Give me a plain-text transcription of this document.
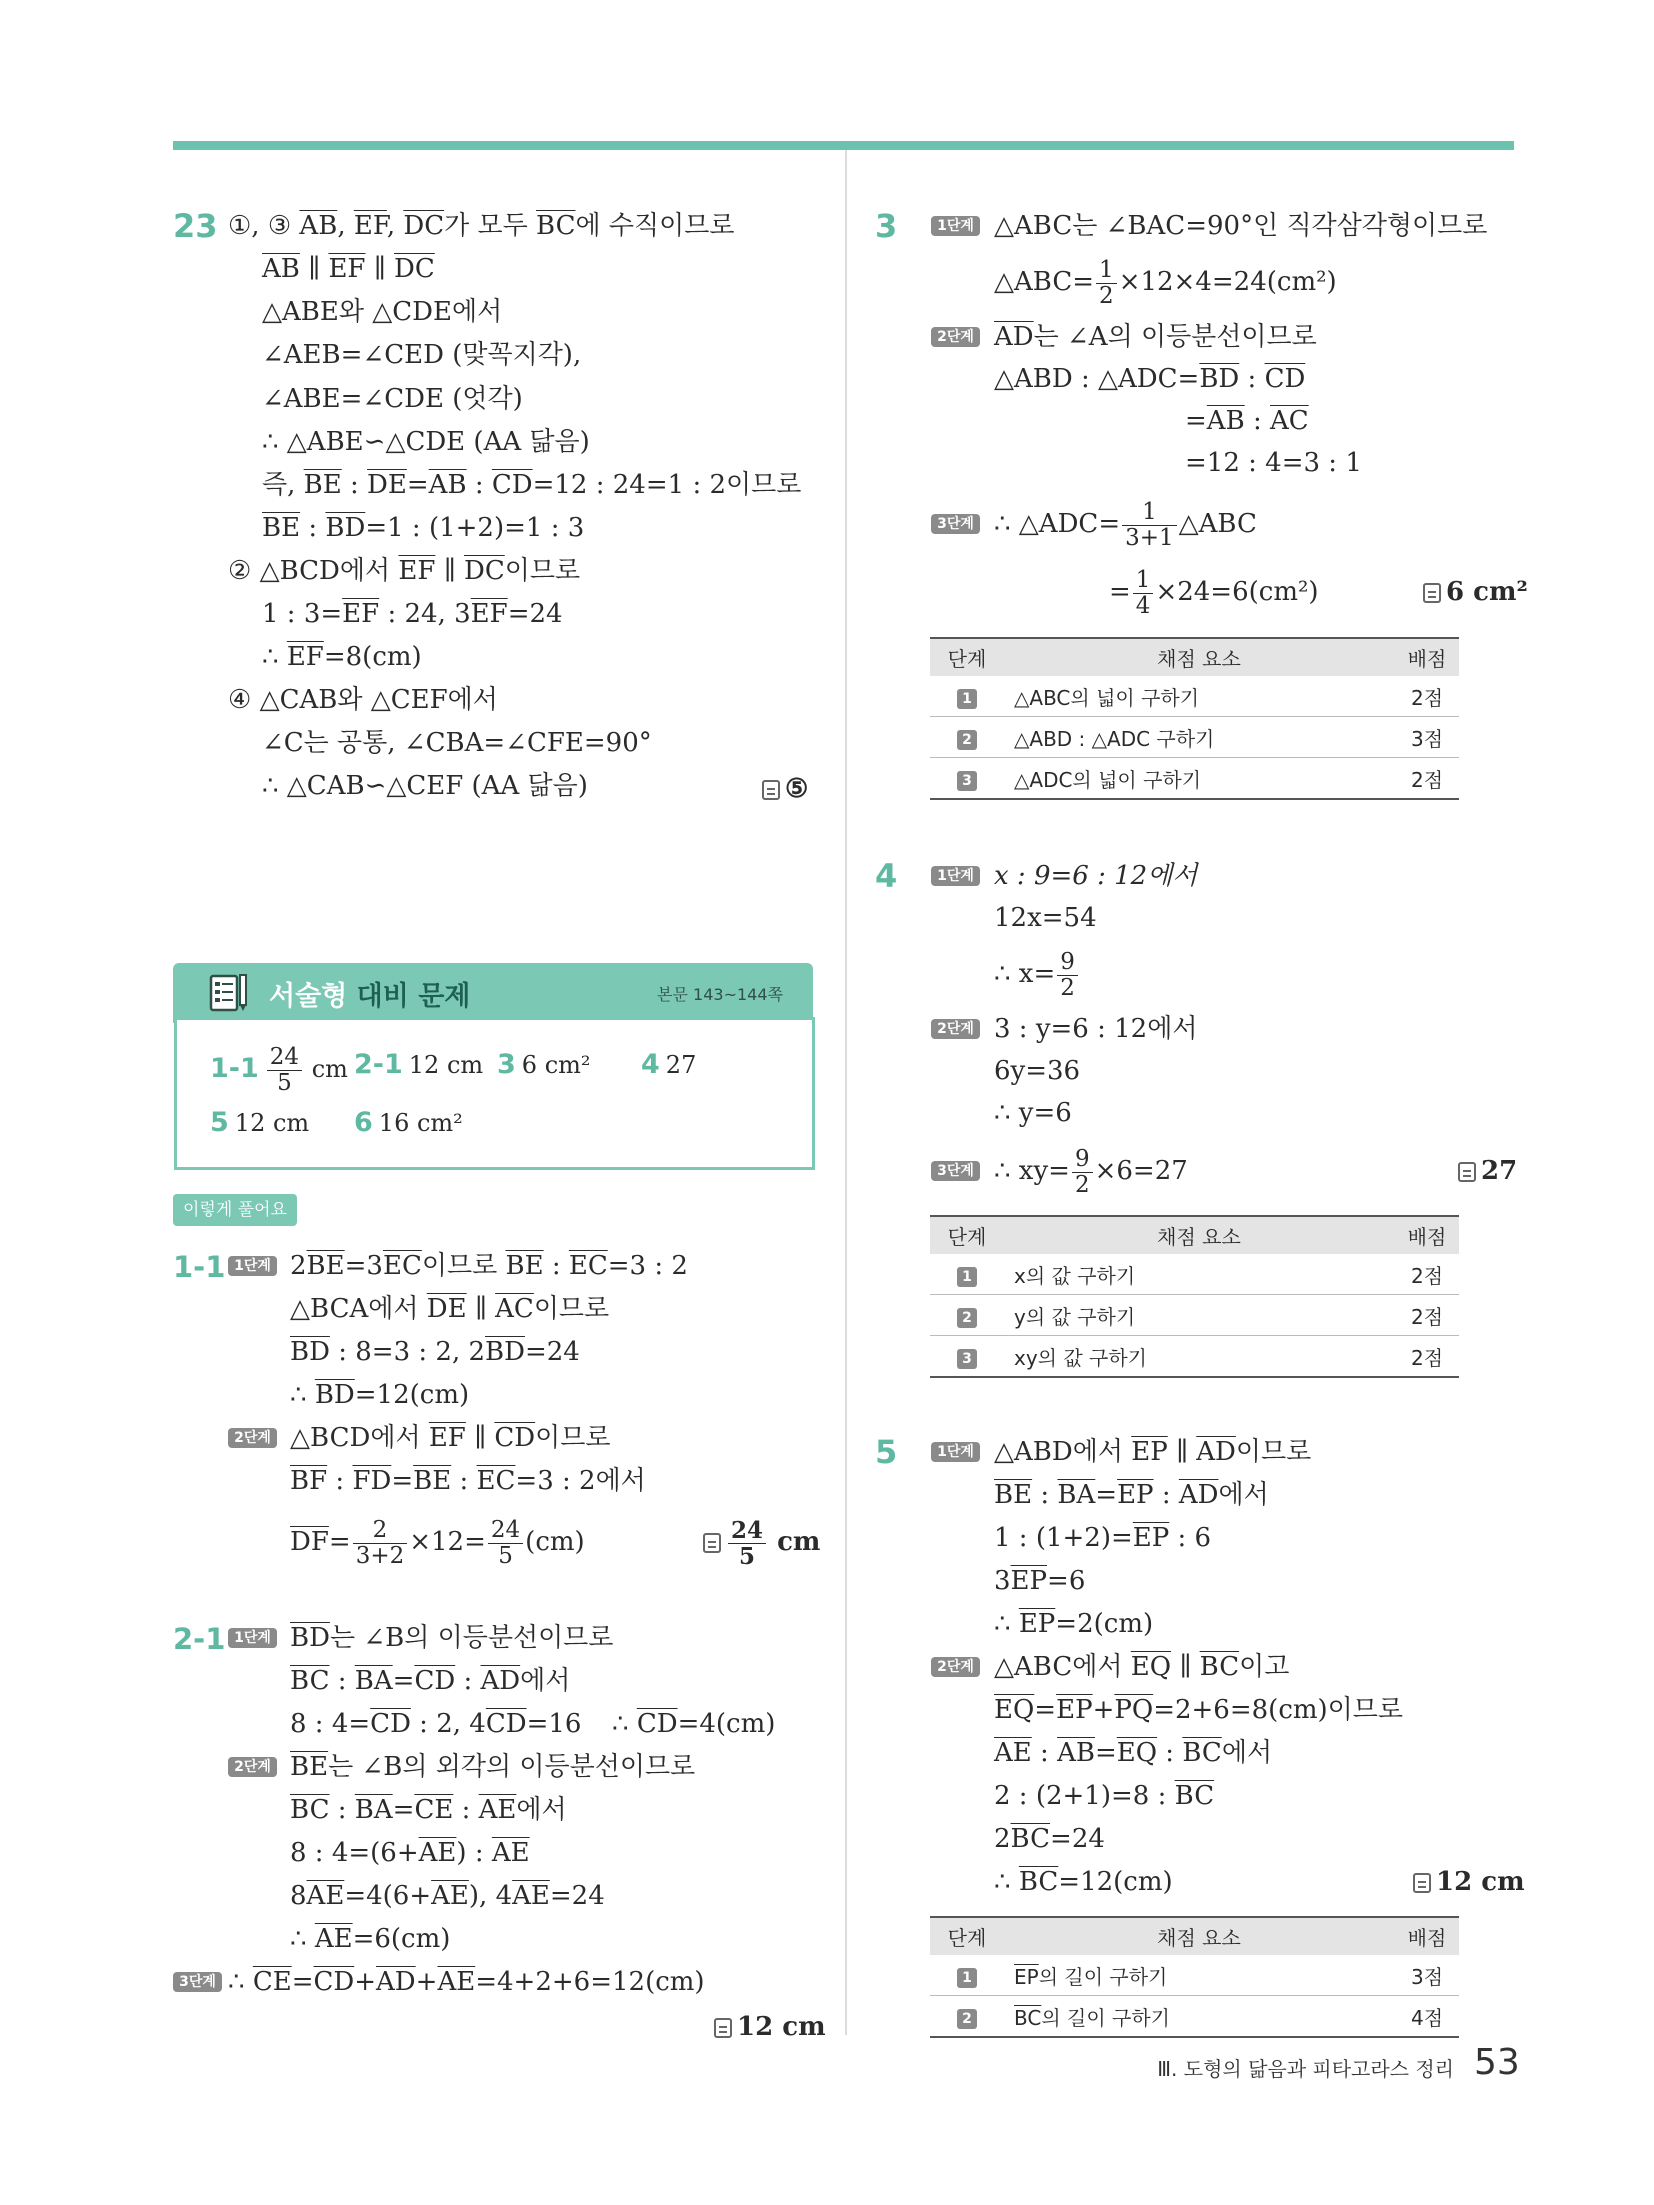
23 ①, ③ $\overline{AB}$, $\overline{EF}$, $\overline{DC}$가 모두 $\overline{BC}$에 수직이므로
$\overline{AB}$ ∥ $\overline{EF}$ ∥ $\overline{DC}$
△ABE와 △CDE에서
∠AEB=∠CED (맞꼭지각),
∠ABE=∠CDE (엇각)
∴ △ABE∽△CDE (AA 닮음)
즉, $\overline{BE}$ : $\overline{DE}=\overline{AB}$ : $\overline{CD}=12$ : 24=1 : 2이므로
$\overline{BE}$ : $\overline{BD}=1$ : (1+2)=1 : 3
② △BCD에서 $\overline{EF}$ ∥ $\overline{DC}$이므로
1 : $3=\overline{EF}$ : 24, $3\overline{EF}=24$
∴ $\overline{EF}=8(cm)$
④ △CAB와 △CEF에서
∠C는 공통, ∠CBA=∠CFE=90°
∴ △CAB∽△CEF (AA 닮음)	⑤
서술형 대비 문제	본문 143~144쪽
$1-1 \frac{24}{5}$ cm 2-1 12 cm 3 6 cm² 4 27
5 12 cm 6 16 cm²
이렇게 풀어요
1-1 1단계 $2\overline{BE}=3\overline{EC}$이므로 $\overline{BE}$ : $\overline{EC}=3$ : 2
△BCA에서 $\overline{DE}$ ∥ $\overline{AC}$이므로
$\overline{BD}$ : 8=3 : 2, $2\overline{BD}=24$
∴ $\overline{BD}=12(cm)$
2단계 △BCD에서 $\overline{EF}$ ∥ $\overline{CD}$이므로
$\overline{BF}$ : $\overline{FD}=\overline{BE}$ : $\overline{EC}=3$ : 2에서
$\overline{DF}= \frac{2}{3+2} \times 12= \frac{24}{5} (cm)$	$\frac{24}{5}$ cm
2-1 1단계 $\overline{BD}$는 ∠B의 이등분선이므로
$\overline{BC}$ : $\overline{BA}=\overline{CD}$ : $\overline{AD}$에서
8 : $4=\overline{CD}$ : 2, $4\overline{CD}=16$ ∴ $\overline{CD}=4(cm)$
2단계 $\overline{BE}$는 ∠B의 외각의 이등분선이므로
$\overline{BC}$ : $\overline{BA}=\overline{CE}$ : $\overline{AE}$에서
8 : $4=(6+\overline{AE})$ : $\overline{AE}$
$8\overline{AE}=4(6+\overline{AE})$, $4\overline{AE}=24$
∴ $\overline{AE}=6(cm)$
3단계 ∴ $\overline{CE}=\overline{CD}+\overline{AD}+\overline{AE}=4+2+6=12(cm)$
12 cm
3	1단계 △ABC는 ∠BAC=90°인 직각삼각형이므로
△ABC= $\frac{1}{2} \times 12\times 4=24(cm^2)$
2단계 $\overline{AD}$는 ∠A의 이등분선이므로
△ABD : $\triangle ADC=\overline{BD}$ : $\overline{CD}$
$=\overline{AB}$ : $\overline{AC}$
=12 : 4=3 : 1
3단계 ∴ △ADC= $\frac{1}{3+1}$ △ABC
= $\frac{1}{4} \times 24=6(cm^2)$	6 cm²
단계	채점 요소	배점
1	△ABC의 넓이 구하기	2점
2	△ABD : △ADC 구하기	3점
3	△ADC의 넓이 구하기	2점
4	1단계 x : 9=6 : 12에서
12x=54
∴ $x= \frac{9}{2}$
2단계 3 : y=6 : 12에서
6y=36
∴ y=6
3단계 ∴ $xy= \frac{9}{2} \times 6=27$	27
단계	채점 요소	배점
1	x의 값 구하기	2점
2	y의 값 구하기	2점
3	xy의 값 구하기	2점
5	1단계 △ABD에서 $\overline{EP}$ ∥ $\overline{AD}$이므로
$\overline{BE}$ : $\overline{BA}=\overline{EP}$ : $\overline{AD}$에서
1 : $(1+2)=\overline{EP}$ : 6
$3\overline{EP}=6$
∴ $\overline{EP}=2(cm)$
2단계 △ABC에서 $\overline{EQ}$ ∥ $\overline{BC}$이고
$\overline{EQ}=\overline{EP}+\overline{PQ}=2+6=8(cm)$이므로
$\overline{AE}$ : $\overline{AB}=\overline{EQ}$ : $\overline{BC}$에서
2 : (2+1)=8 : $\overline{BC}$
$2\overline{BC}=24$
∴ $\overline{BC}=12(cm)$	12 cm
단계	채점 요소	배점
1	$\overline{EP}$의 길이 구하기	3점
2	$\overline{BC}$의 길이 구하기	4점
Ⅲ. 도형의 닮음과 피타고라스 정리 53
